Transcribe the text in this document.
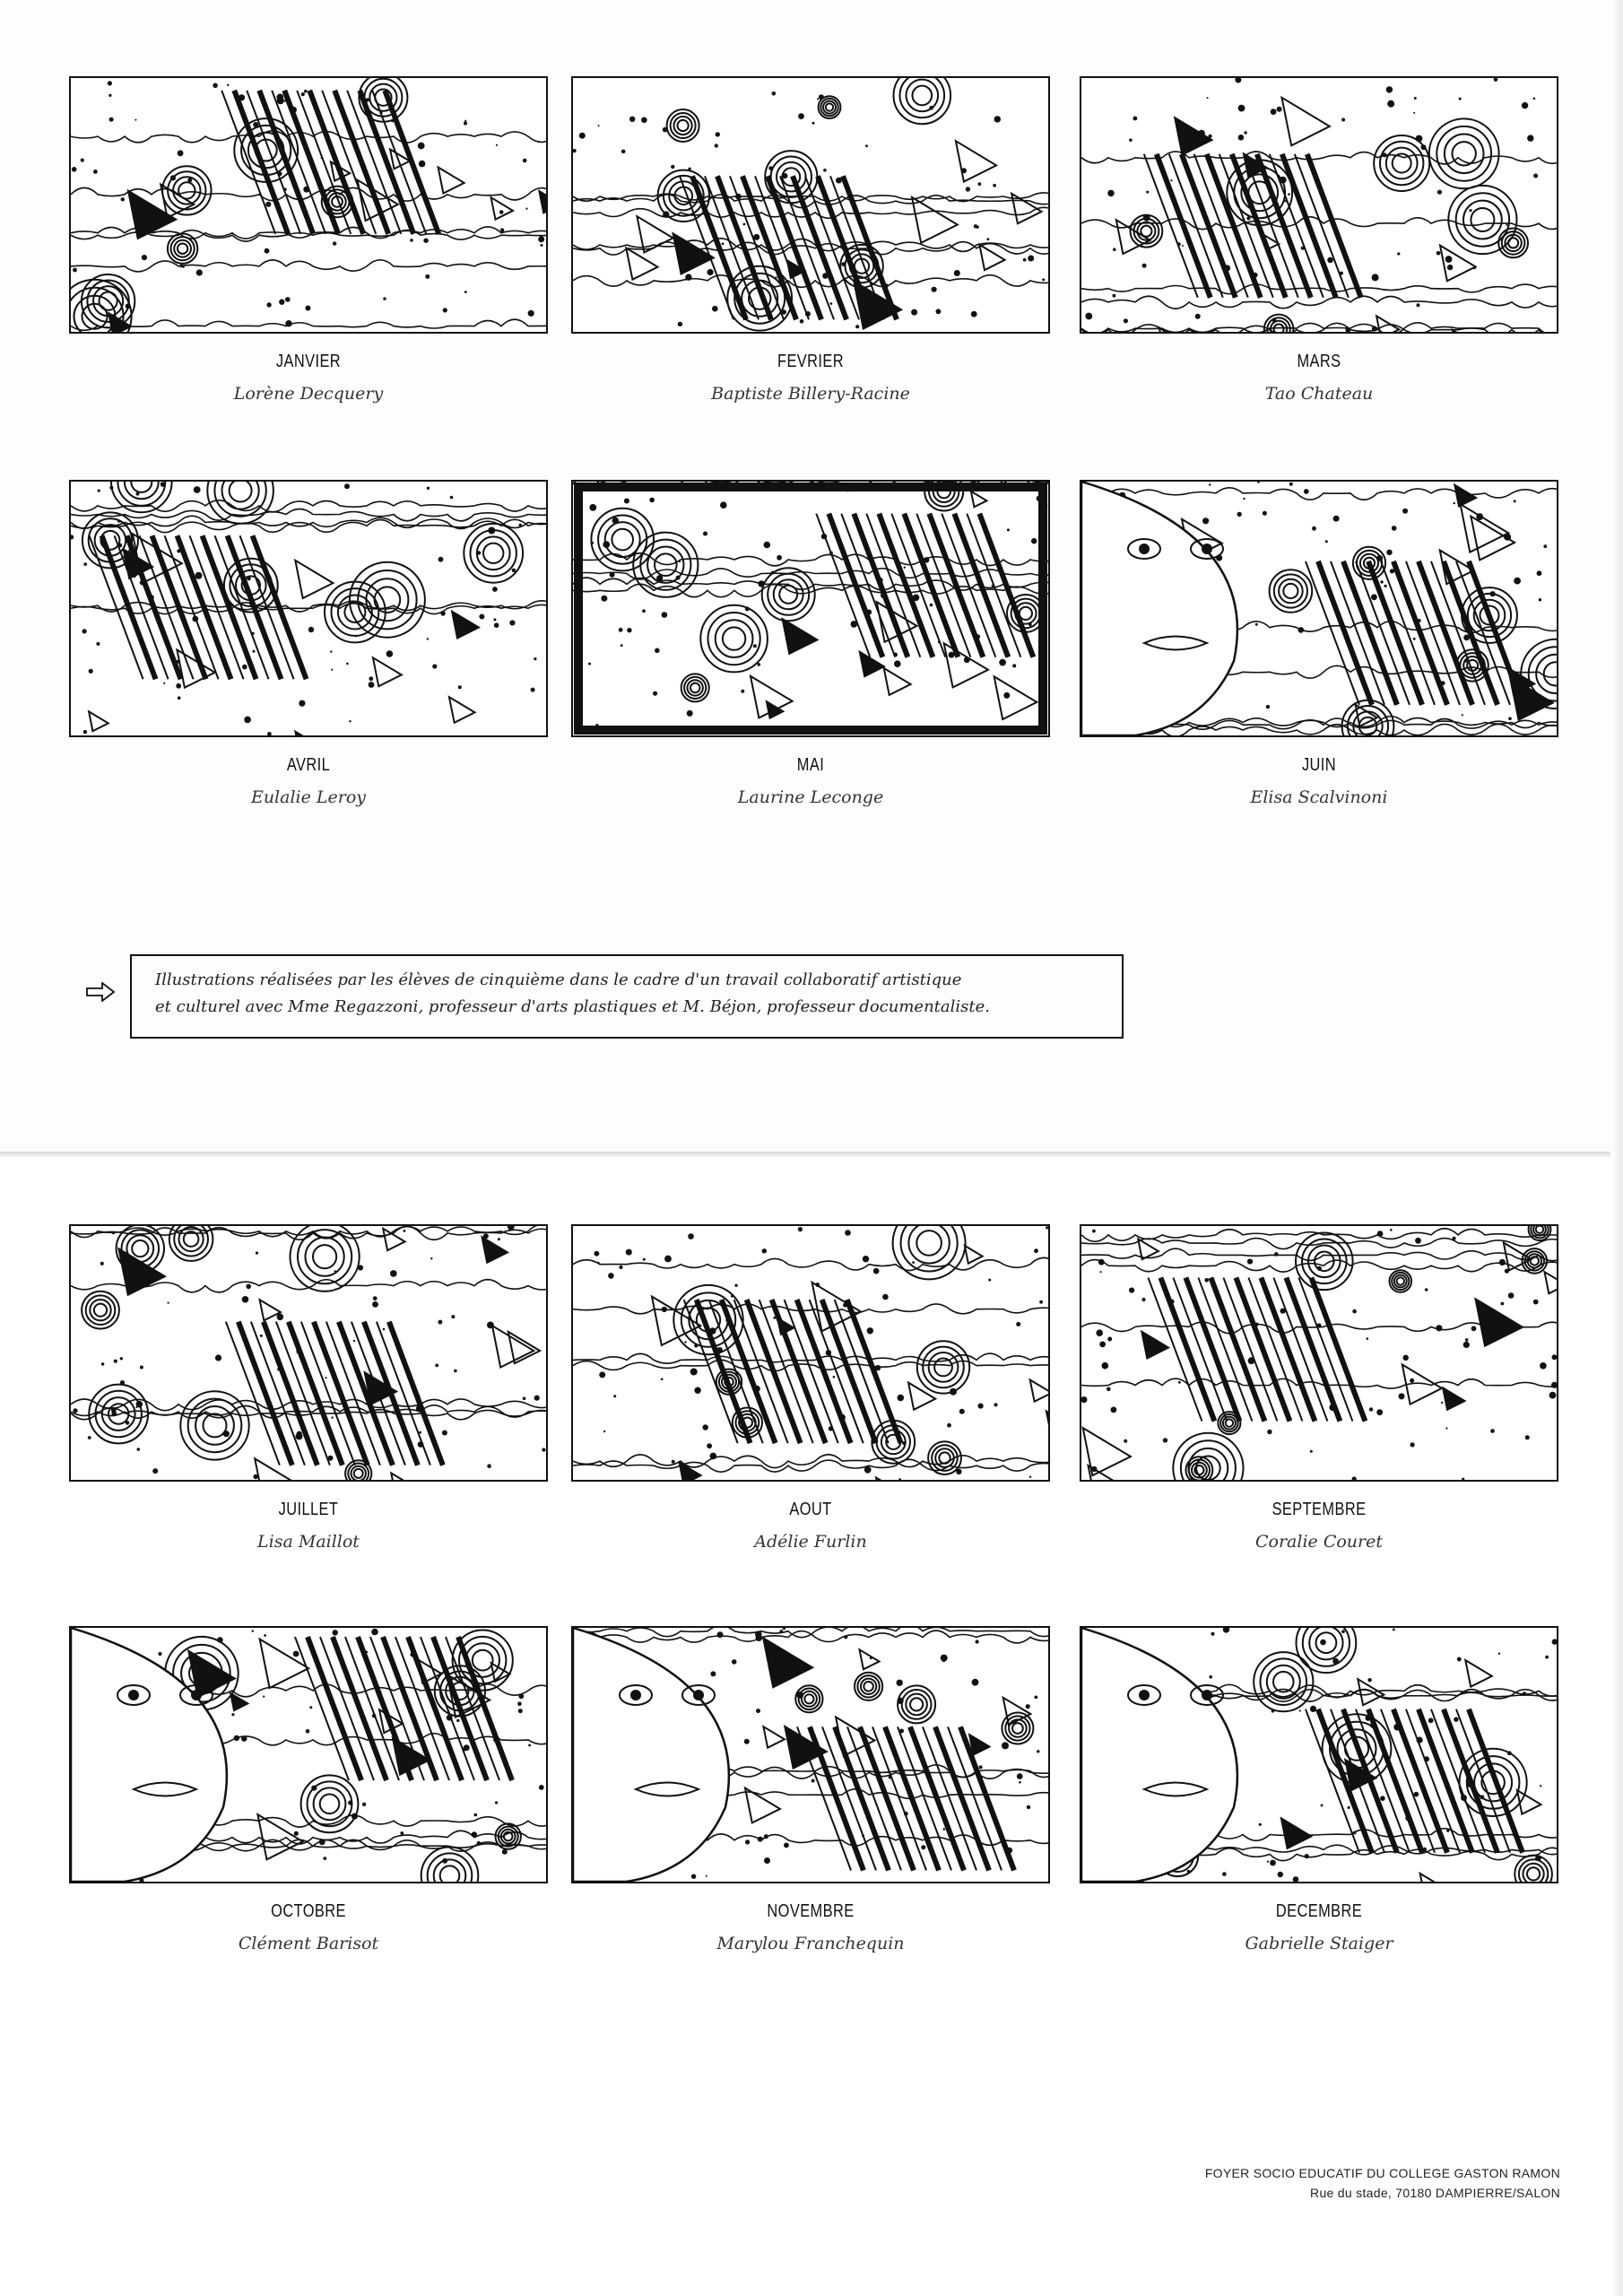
JANVIER
Lorène Decquery
FEVRIER
Baptiste Billery-Racine
MARS
Tao Chateau
AVRIL
Eulalie Leroy
MAI
Laurine Leconge
JUIN
Elisa Scalvinoni
JUILLET
Lisa Maillot
AOUT
Adélie Furlin
SEPTEMBRE
Coralie Couret
OCTOBRE
Clément Barisot
NOVEMBRE
Marylou Franchequin
DECEMBRE
Gabrielle Staiger
Illustrations réalisées par les élèves de cinquième dans le cadre d'un travail collaboratif artistique
et culturel avec Mme Regazzoni, professeur d'arts plastiques et M. Béjon, professeur documentaliste.
FOYER SOCIO EDUCATIF DU COLLEGE GASTON RAMON
Rue du stade, 70180 DAMPIERRE/SALON
